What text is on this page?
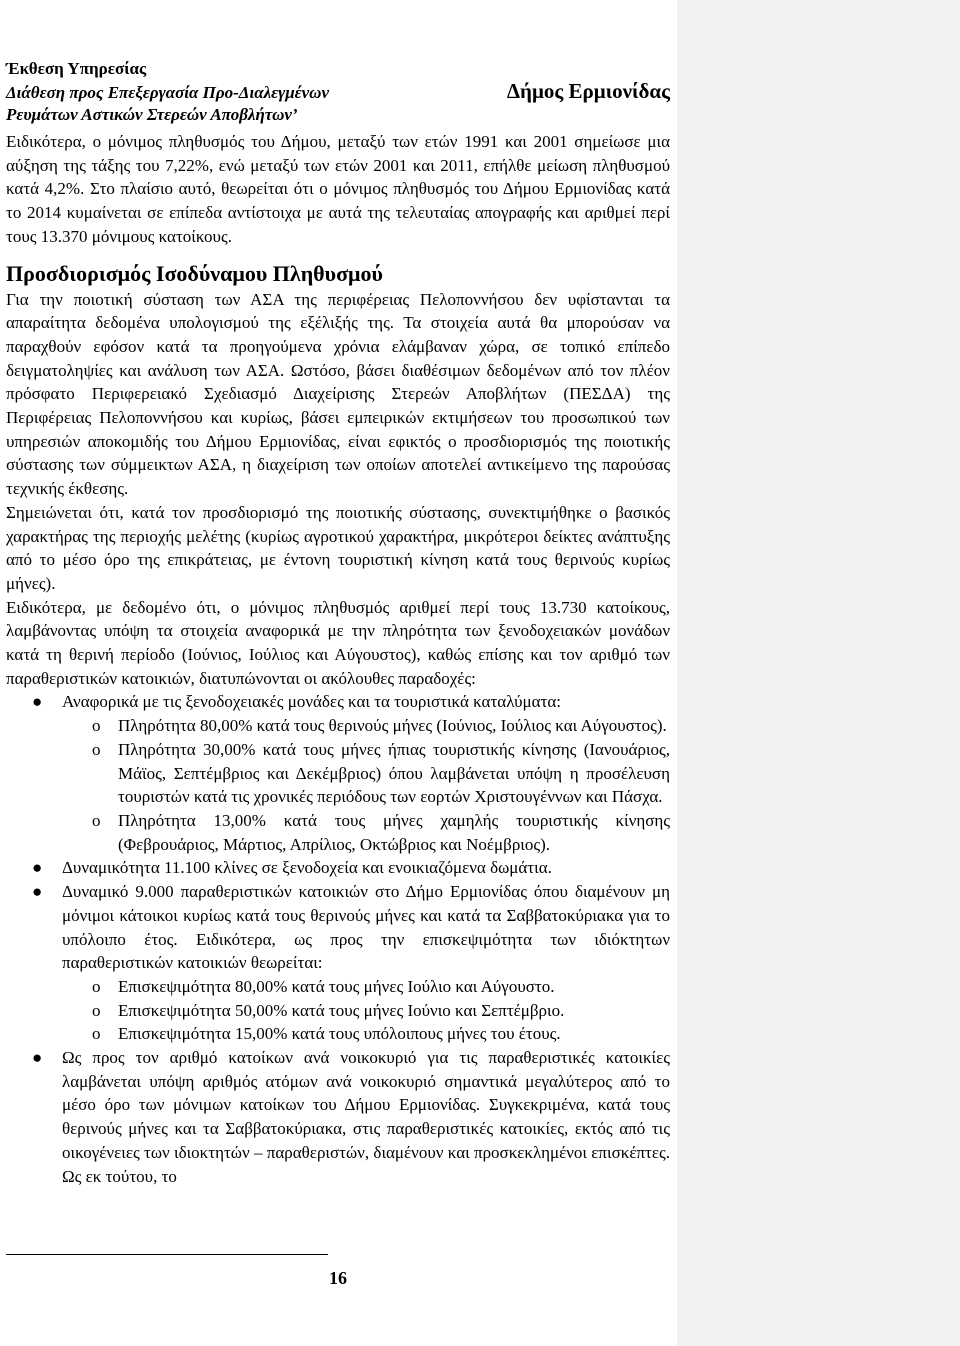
Έκθεση Υπηρεσίας
Διάθεση προς Επεξεργασία Προ-Διαλεγμένων	Δήμος Ερμιονίδας
Ρευμάτων Αστικών Στερεών Αποβλήτων’

Ειδικότερα, ο μόνιμος πληθυσμός του Δήμου, μεταξύ των ετών 1991 και 2001 σημείωσε μια αύξηση της τάξης του 7,22%, ενώ μεταξύ των ετών 2001 και 2011, επήλθε μείωση πληθυσμού κατά 4,2%. Στο πλαίσιο αυτό, θεωρείται ότι ο μόνιμος πληθυσμός του Δήμου Ερμιονίδας κατά το 2014 κυμαίνεται σε επίπεδα αντίστοιχα με αυτά της τελευταίας απογραφής και αριθμεί περί τους 13.370 μόνιμους κατοίκους.

Προσδιορισμός Ισοδύναμου Πληθυσμού

Για την ποιοτική σύσταση των ΑΣΑ της περιφέρειας Πελοποννήσου δεν υφίστανται τα απαραίτητα δεδομένα υπολογισμού της εξέλιξής της. Τα στοιχεία αυτά θα μπορούσαν να παραχθούν εφόσον κατά τα προηγούμενα χρόνια ελάμβαναν χώρα, σε τοπικό επίπεδο δειγματοληψίες και ανάλυση των ΑΣΑ. Ωστόσο, βάσει διαθέσιμων δεδομένων από τον πλέον πρόσφατο Περιφερειακό Σχεδιασμό Διαχείρισης Στερεών Αποβλήτων (ΠΕΣΔΑ) της Περιφέρειας Πελοποννήσου και κυρίως, βάσει εμπειρικών εκτιμήσεων του προσωπικού των υπηρεσιών αποκομιδής του Δήμου Ερμιονίδας, είναι εφικτός ο προσδιορισμός της ποιοτικής σύστασης των σύμμεικτων ΑΣΑ, η διαχείριση των οποίων αποτελεί αντικείμενο της παρούσας τεχνικής έκθεσης.

Σημειώνεται ότι, κατά τον προσδιορισμό της ποιοτικής σύστασης, συνεκτιμήθηκε ο βασικός χαρακτήρας της περιοχής μελέτης (κυρίως αγροτικού χαρακτήρα, μικρότεροι δείκτες ανάπτυξης από το μέσο όρο της επικράτειας, με έντονη τουριστική κίνηση κατά τους θερινούς κυρίως μήνες).

Ειδικότερα, με δεδομένο ότι, ο μόνιμος πληθυσμός αριθμεί περί τους 13.730 κατοίκους, λαμβάνοντας υπόψη τα στοιχεία αναφορικά με την πληρότητα των ξενοδοχειακών μονάδων κατά τη θερινή περίοδο (Ιούνιος, Ιούλιος και Αύγουστος), καθώς επίσης και τον αριθμό των παραθεριστικών κατοικιών, διατυπώνονται οι ακόλουθες παραδοχές:

● Αναφορικά με τις ξενοδοχειακές μονάδες και τα τουριστικά καταλύματα:
o Πληρότητα 80,00% κατά τους θερινούς μήνες (Ιούνιος, Ιούλιος και Αύγουστος).
o Πληρότητα 30,00% κατά τους μήνες ήπιας τουριστικής κίνησης (Ιανουάριος, Μάϊος, Σεπτέμβριος και Δεκέμβριος) όπου λαμβάνεται υπόψη η προσέλευση τουριστών κατά τις χρονικές περιόδους των εορτών Χριστουγέννων και Πάσχα.
o Πληρότητα 13,00% κατά τους μήνες χαμηλής τουριστικής κίνησης (Φεβρουάριος, Μάρτιος, Απρίλιος, Οκτώβριος και Νοέμβριος).
● Δυναμικότητα 11.100 κλίνες σε ξενοδοχεία και ενοικιαζόμενα δωμάτια.
● Δυναμικό 9.000 παραθεριστικών κατοικιών στο Δήμο Ερμιονίδας όπου διαμένουν μη μόνιμοι κάτοικοι κυρίως κατά τους θερινούς μήνες και κατά τα Σαββατοκύριακα για το υπόλοιπο έτος. Ειδικότερα, ως προς την επισκεψιμότητα των ιδιόκτητων παραθεριστικών κατοικιών θεωρείται:
o Επισκεψιμότητα 80,00% κατά τους μήνες Ιούλιο και Αύγουστο.
o Επισκεψιμότητα 50,00% κατά τους μήνες Ιούνιο και Σεπτέμβριο.
o Επισκεψιμότητα 15,00% κατά τους υπόλοιπους μήνες του έτους.
● Ως προς τον αριθμό κατοίκων ανά νοικοκυριό για τις παραθεριστικές κατοικίες λαμβάνεται υπόψη αριθμός ατόμων ανά νοικοκυριό σημαντικά μεγαλύτερος από το μέσο όρο των μόνιμων κατοίκων του Δήμου Ερμιονίδας. Συγκεκριμένα, κατά τους θερινούς μήνες και τα Σαββατοκύριακα, στις παραθεριστικές κατοικίες, εκτός από τις οικογένειες των ιδιοκτητών – παραθεριστών, διαμένουν και προσκεκλημένοι επισκέπτες. Ως εκ τούτου, το
16
